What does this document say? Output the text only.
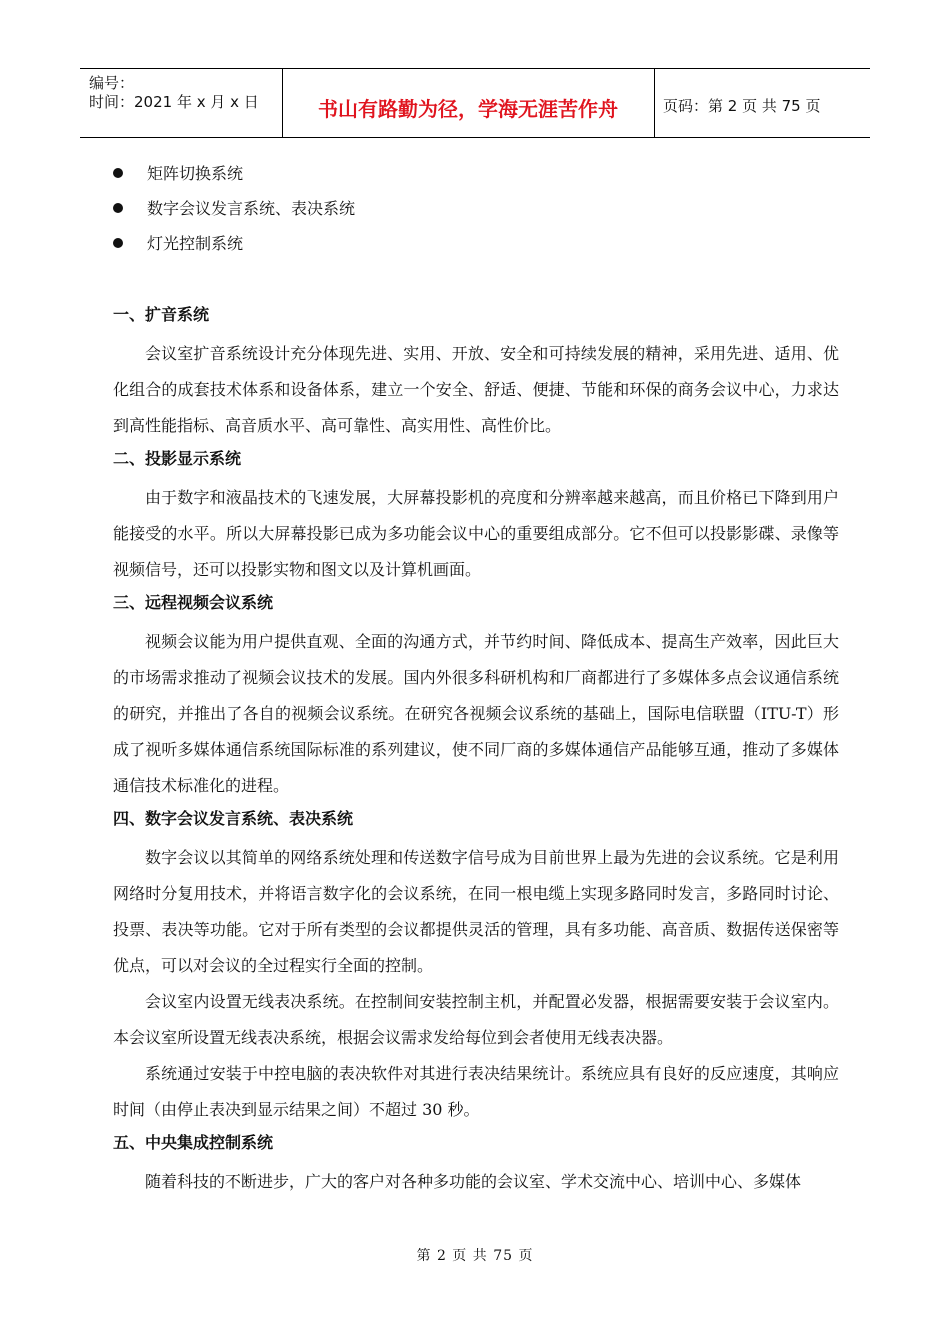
编号：
时间：2021 年 x 月 x 日	书山有路勤为径，学海无涯苦作舟	页码：第 2 页 共 75 页
矩阵切换系统
数字会议发言系统、表决系统
灯光控制系统
一、扩音系统

会议室扩音系统设计充分体现先进、实用、开放、安全和可持续发展的精神，采用先进、适用、优化组合的成套技术体系和设备体系，建立一个安全、舒适、便捷、节能和环保的商务会议中心，力求达到高性能指标、高音质水平、高可靠性、高实用性、高性价比。

二、投影显示系统

由于数字和液晶技术的飞速发展，大屏幕投影机的亮度和分辨率越来越高，而且价格已下降到用户能接受的水平。所以大屏幕投影已成为多功能会议中心的重要组成部分。它不但可以投影影碟、录像等视频信号，还可以投影实物和图文以及计算机画面。

三、远程视频会议系统

视频会议能为用户提供直观、全面的沟通方式，并节约时间、降低成本、提高生产效率，因此巨大的市场需求推动了视频会议技术的发展。国内外很多科研机构和厂商都进行了多媒体多点会议通信系统的研究，并推出了各自的视频会议系统。在研究各视频会议系统的基础上，国际电信联盟（ITU-T）形成了视听多媒体通信系统国际标准的系列建议，使不同厂商的多媒体通信产品能够互通，推动了多媒体通信技术标准化的进程。

四、数字会议发言系统、表决系统

数字会议以其简单的网络系统处理和传送数字信号成为目前世界上最为先进的会议系统。它是利用网络时分复用技术，并将语言数字化的会议系统，在同一根电缆上实现多路同时发言，多路同时讨论、投票、表决等功能。它对于所有类型的会议都提供灵活的管理，具有多功能、高音质、数据传送保密等优点，可以对会议的全过程实行全面的控制。

会议室内设置无线表决系统。在控制间安装控制主机，并配置必发器，根据需要安装于会议室内。本会议室所设置无线表决系统，根据会议需求发给每位到会者使用无线表决器。

系统通过安装于中控电脑的表决软件对其进行表决结果统计。系统应具有良好的反应速度，其响应时间（由停止表决到显示结果之间）不超过 30 秒。

五、中央集成控制系统

随着科技的不断进步，广大的客户对各种多功能的会议室、学术交流中心、培训中心、多媒体

第 2 页 共 75 页
